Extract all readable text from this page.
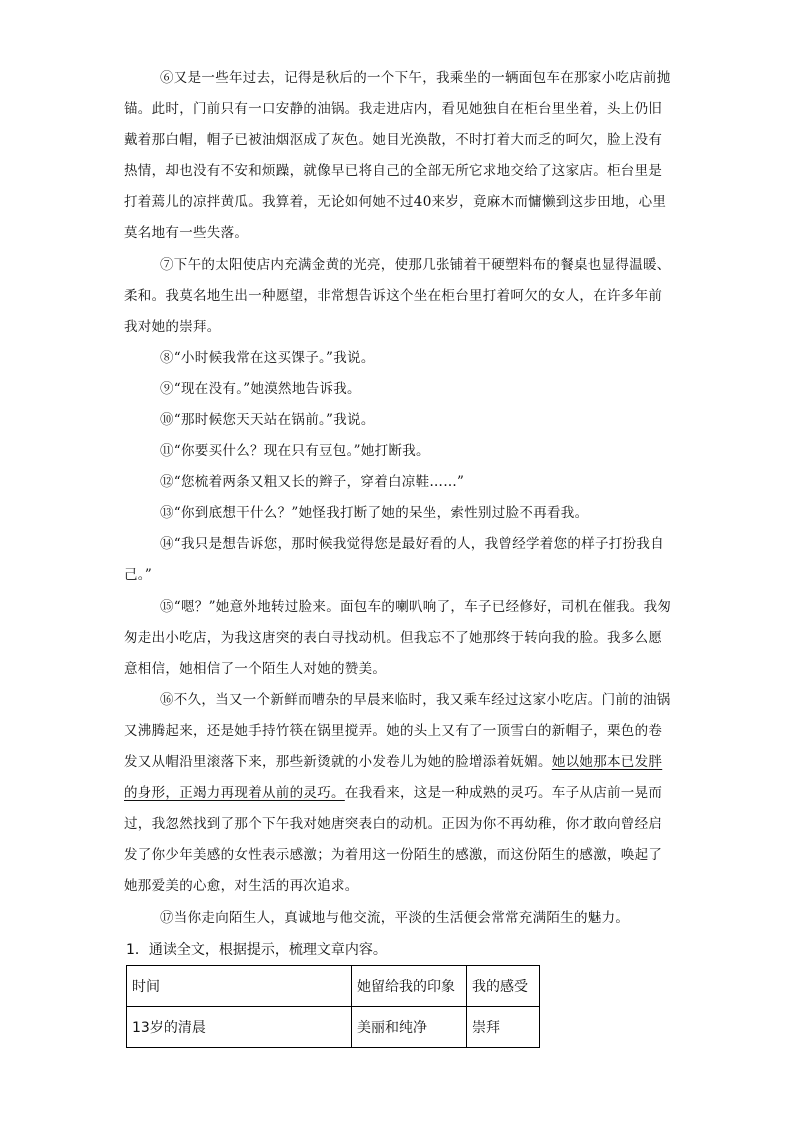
⑥又是一些年过去，记得是秋后的一个下午，我乘坐的一辆面包车在那家小吃店前抛锚。此时，门前只有一口安静的油锅。我走进店内，看见她独自在柜台里坐着，头上仍旧戴着那白帽，帽子已被油烟沤成了灰色。她目光涣散，不时打着大而乏的呵欠，脸上没有热情，却也没有不安和烦躁，就像早已将自己的全部无所它求地交给了这家店。柜台里是打着蔫儿的凉拌黄瓜。我算着，无论如何她不过40来岁，竟麻木而慵懒到这步田地，心里莫名地有一些失落。

⑦下午的太阳使店内充满金黄的光亮，使那几张铺着干硬塑料布的餐桌也显得温暖、柔和。我莫名地生出一种愿望，非常想告诉这个坐在柜台里打着呵欠的女人，在许多年前我对她的崇拜。

⑧“小时候我常在这买馃子。”我说。

⑨“现在没有。”她漠然地告诉我。

⑩“那时候您天天站在锅前。”我说。

⑪“你要买什么？现在只有豆包。”她打断我。

⑫“您梳着两条又粗又长的辫子，穿着白凉鞋……”

⑬“你到底想干什么？”她怪我打断了她的呆坐，索性别过脸不再看我。

⑭“我只是想告诉您，那时候我觉得您是最好看的人，我曾经学着您的样子打扮我自己。”

⑮“嗯？”她意外地转过脸来。面包车的喇叭响了，车子已经修好，司机在催我。我匆匆走出小吃店，为我这唐突的表白寻找动机。但我忘不了她那终于转向我的脸。我多么愿意相信，她相信了一个陌生人对她的赞美。

⑯不久，当又一个新鲜而嘈杂的早晨来临时，我又乘车经过这家小吃店。门前的油锅又沸腾起来，还是她手持竹筷在锅里搅弄。她的头上又有了一顶雪白的新帽子，栗色的卷发又从帽沿里滚落下来，那些新烫就的小发卷儿为她的脸增添着妩媚。她以她那本已发胖的身形，正竭力再现着从前的灵巧。在我看来，这是一种成熟的灵巧。车子从店前一晃而过，我忽然找到了那个下午我对她唐突表白的动机。正因为你不再幼稚，你才敢向曾经启发了你少年美感的女性表示感激；为着用这一份陌生的感激，而这份陌生的感激，唤起了她那爱美的心愈，对生活的再次追求。

⑰当你走向陌生人，真诚地与他交流，平淡的生活便会常常充满陌生的魅力。

1．通读全文，根据提示，梳理文章内容。

时间	她留给我的印象	我的感受
13岁的清晨	美丽和纯净	崇拜
